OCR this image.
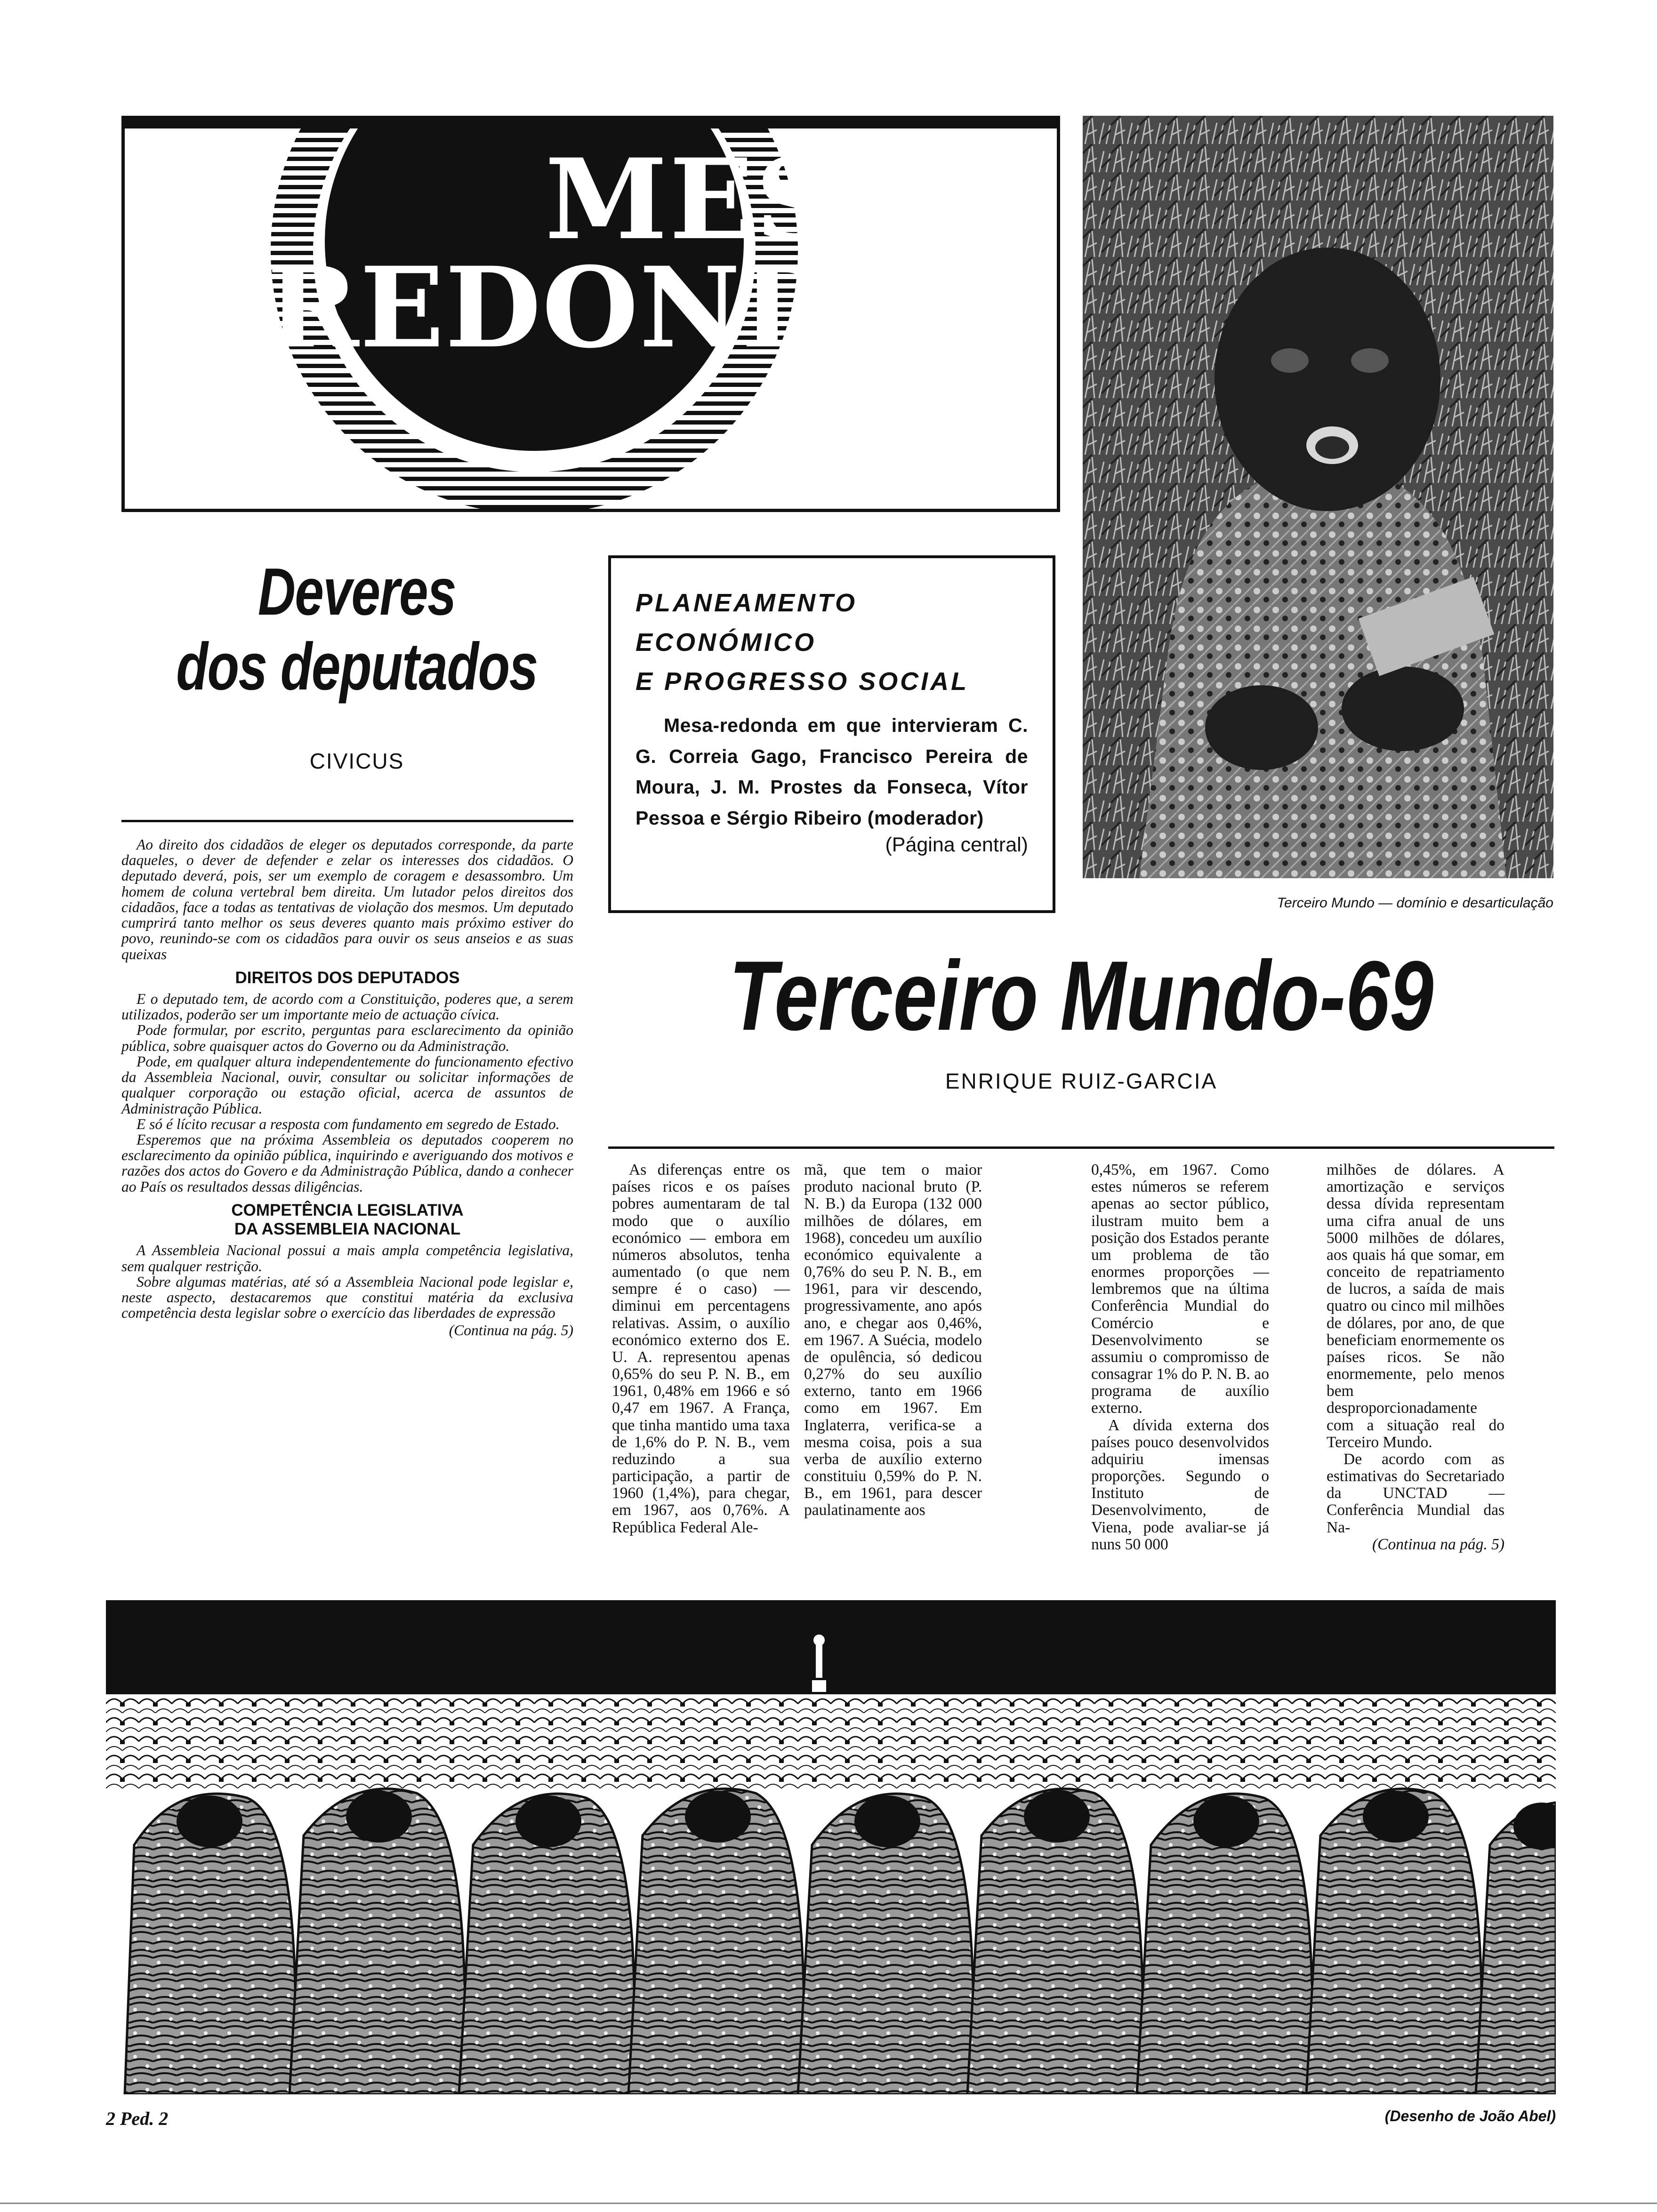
MESA
REDONDA
Terceiro Mundo — domínio e desarticulação
Deveres
dos deputados
CIVICUS

Ao direito dos cidadãos de eleger os deputados corresponde, da parte daqueles, o dever de defender e zelar os interesses dos cidadãos. O deputado deverá, pois, ser um exemplo de coragem e desassombro. Um homem de coluna vertebral bem direita. Um lutador pelos direitos dos cidadãos, face a todas as tentativas de violação dos mesmos. Um deputado cumprirá tanto melhor os seus deveres quanto mais próximo estiver do povo, reunindo-se com os cidadãos para ouvir os seus anseios e as suas queixas

DIREITOS DOS DEPUTADOS

E o deputado tem, de acordo com a Constituição, poderes que, a serem utilizados, poderão ser um importante meio de actuação cívica.

Pode formular, por escrito, perguntas para esclarecimento da opinião pública, sobre quaisquer actos do Governo ou da Administração.

Pode, em qualquer altura independentemente do funcionamento efectivo da Assembleia Nacional, ouvir, consultar ou solicitar informações de qualquer corporação ou estação oficial, acerca de assuntos de Administração Pública.

E só é lícito recusar a resposta com fundamento em segredo de Estado.

Esperemos que na próxima Assembleia os deputados cooperem no esclarecimento da opinião pública, inquirindo e averiguando dos motivos e razões dos actos do Govero e da Administração Pública, dando a conhecer ao País os resultados dessas diligências.

COMPETÊNCIA LEGISLATIVA
DA ASSEMBLEIA NACIONAL

A Assembleia Nacional possui a mais ampla competência legislativa, sem qualquer restrição.

Sobre algumas matérias, até só a Assembleia Nacional pode legislar e, neste aspecto, destacaremos que constitui matéria da exclusiva competência desta legislar sobre o exercício das liberdades de expressão

(Continua na pág. 5)

PLANEAMENTO ECONÓMICO
E PROGRESSO SOCIAL
Mesa-redonda em que intervieram C. G. Correia Gago, Francisco Pereira de Moura, J. M. Prostes da Fonseca, Vítor Pessoa e Sérgio Ribeiro (moderador)
(Página central)
Terceiro Mundo-69
ENRIQUE RUIZ-GARCIA

As diferenças entre os países ricos e os países pobres aumentaram de tal modo que o auxílio económico — embora em números absolutos, tenha aumentado (o que nem sempre é o caso) — diminui em percentagens relativas. Assim, o auxílio económico externo dos E. U. A. representou apenas 0,65% do seu P. N. B., em 1961, 0,48% em 1966 e só 0,47 em 1967. A França, que tinha mantido uma taxa de 1,6% do P. N. B., vem reduzindo a sua participação, a partir de 1960 (1,4%), para chegar, em 1967, aos 0,76%. A República Federal Ale-

mã, que tem o maior produto nacional bruto (P. N. B.) da Europa (132 000 milhões de dólares, em 1968), concedeu um auxílio económico equivalente a 0,76% do seu P. N. B., em 1961, para vir descendo, progressivamente, ano após ano, e chegar aos 0,46%, em 1967. A Suécia, modelo de opulência, só dedicou 0,27% do seu auxílio externo, tanto em 1966 como em 1967. Em Inglaterra, verifica-se a mesma coisa, pois a sua verba de auxílio externo constituiu 0,59% do P. N. B., em 1961, para descer paulatinamente aos

0,45%, em 1967. Como estes números se referem apenas ao sector público, ilustram muito bem a posição dos Estados perante um problema de tão enormes proporções — lembremos que na última Conferência Mundial do Comércio e Desenvolvimento se assumiu o compromisso de consagrar 1% do P. N. B. ao programa de auxílio externo.

A dívida externa dos países pouco desenvolvidos adquiriu imensas proporções. Segundo o Instituto de Desenvolvimento, de Viena, pode avaliar-se já nuns 50 000

milhões de dólares. A amortização e serviços dessa dívida representam uma cifra anual de uns 5000 milhões de dólares, aos quais há que somar, em conceito de repatriamento de lucros, a saída de mais quatro ou cinco mil milhões de dólares, por ano, de que beneficiam enormemente os países ricos. Se não enormemente, pelo menos bem desproporcionadamente com a situação real do Terceiro Mundo.

De acordo com as estimativas do Secretariado da UNCTAD — Conferência Mundial das Na-

(Continua na pág. 5)

2 Ped. 2	(Desenho de João Abel)
